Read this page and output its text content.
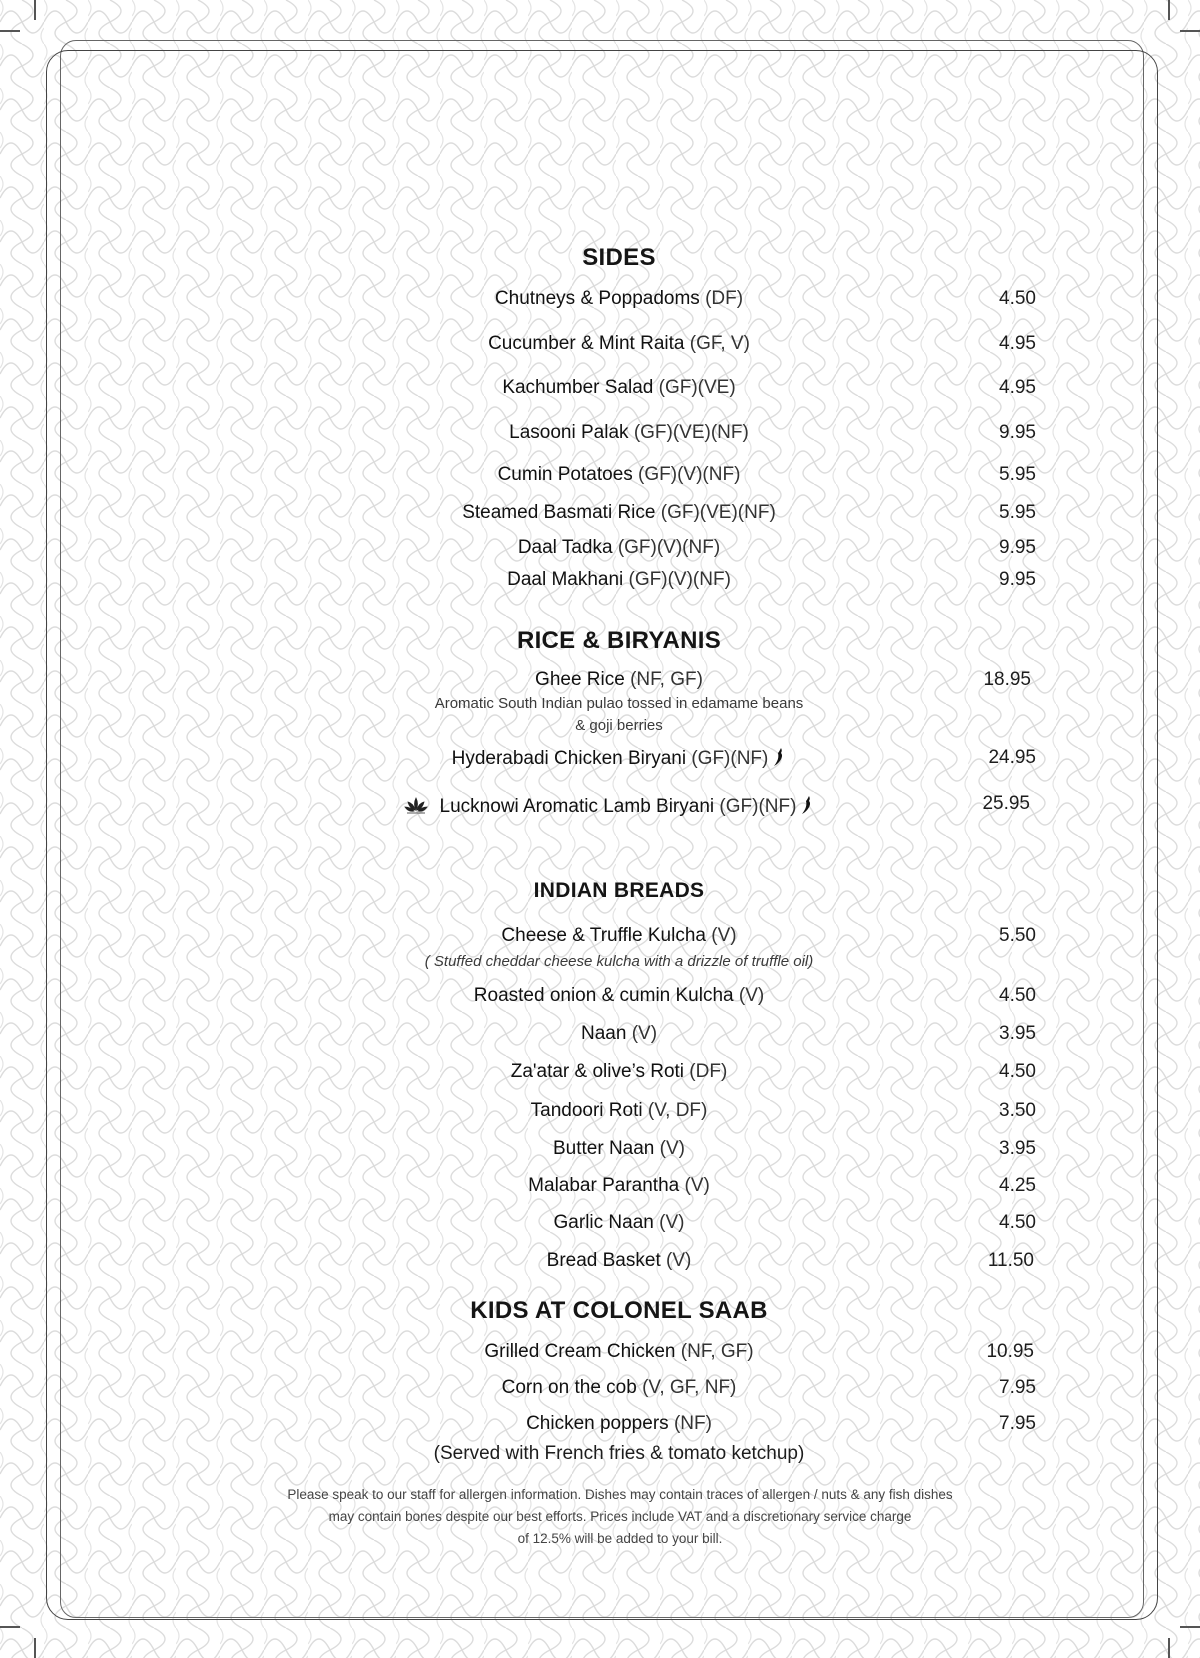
SIDES
Chutneys & Poppadoms (DF)	4.50
Cucumber & Mint Raita (GF, V)	4.95
Kachumber Salad (GF)(VE)	4.95
Lasooni Palak (GF)(VE)(NF)	9.95
Cumin Potatoes (GF)(V)(NF)	5.95
Steamed Basmati Rice (GF)(VE)(NF)	5.95
Daal Tadka (GF)(V)(NF)	9.95
Daal Makhani (GF)(V)(NF)	9.95
RICE & BIRYANIS
Ghee Rice (NF, GF)	18.95
Aromatic South Indian pulao tossed in edamame beans
& goji berries
Hyderabadi Chicken Biryani (GF)(NF)	24.95
Lucknowi Aromatic Lamb Biryani (GF)(NF)	25.95
INDIAN BREADS
Cheese & Truffle Kulcha (V)	5.50
( Stuffed cheddar cheese kulcha with a drizzle of truffle oil)
Roasted onion & cumin Kulcha (V)	4.50
Naan (V)	3.95
Za'atar & olive’s Roti (DF)	4.50
Tandoori Roti (V, DF)	3.50
Butter Naan (V)	3.95
Malabar Parantha (V)	4.25
Garlic Naan (V)	4.50
Bread Basket (V)	11.50
KIDS AT COLONEL SAAB
Grilled Cream Chicken (NF, GF)	10.95
Corn on the cob (V, GF, NF)	7.95
Chicken poppers (NF)	7.95
(Served with French fries & tomato ketchup)
Please speak to our staff for allergen information. Dishes may contain traces of allergen / nuts & any fish dishes
may contain bones despite our best efforts. Prices include VAT and a discretionary service charge
of 12.5% will be added to your bill.
